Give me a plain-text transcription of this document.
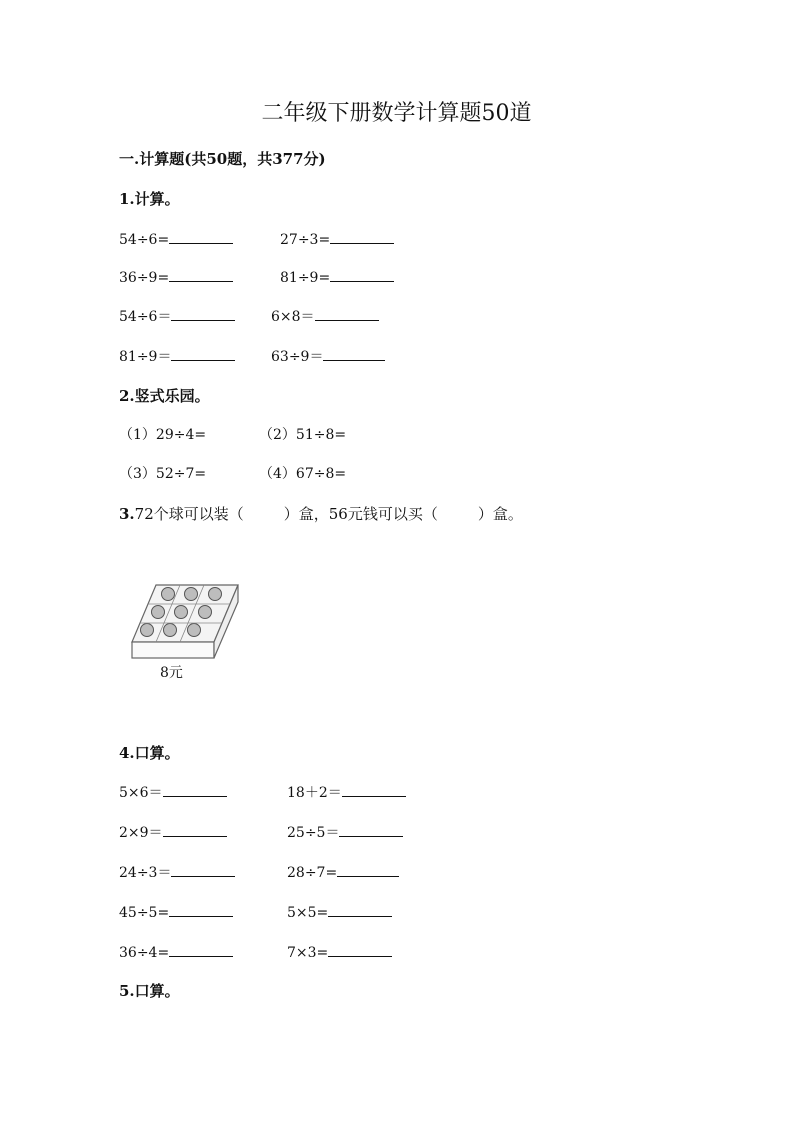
二年级下册数学计算题50道
一.计算题(共50题，共377分)
1.计算。
54÷6=	27÷3=
36÷9=	81÷9=
54÷6＝	6×8＝
81÷9＝	63÷9＝
2.竖式乐园。
（1）29÷4=	（2）51÷8=
（3）52÷7=	（4）67÷8=
3.72个球可以装（	）盒，56元钱可以买（	）盒。
8元
4.口算。
5×6＝	18＋2＝
2×9＝	25÷5＝
24÷3＝	28÷7=
45÷5=	5×5=
36÷4=	7×3=
5.口算。
